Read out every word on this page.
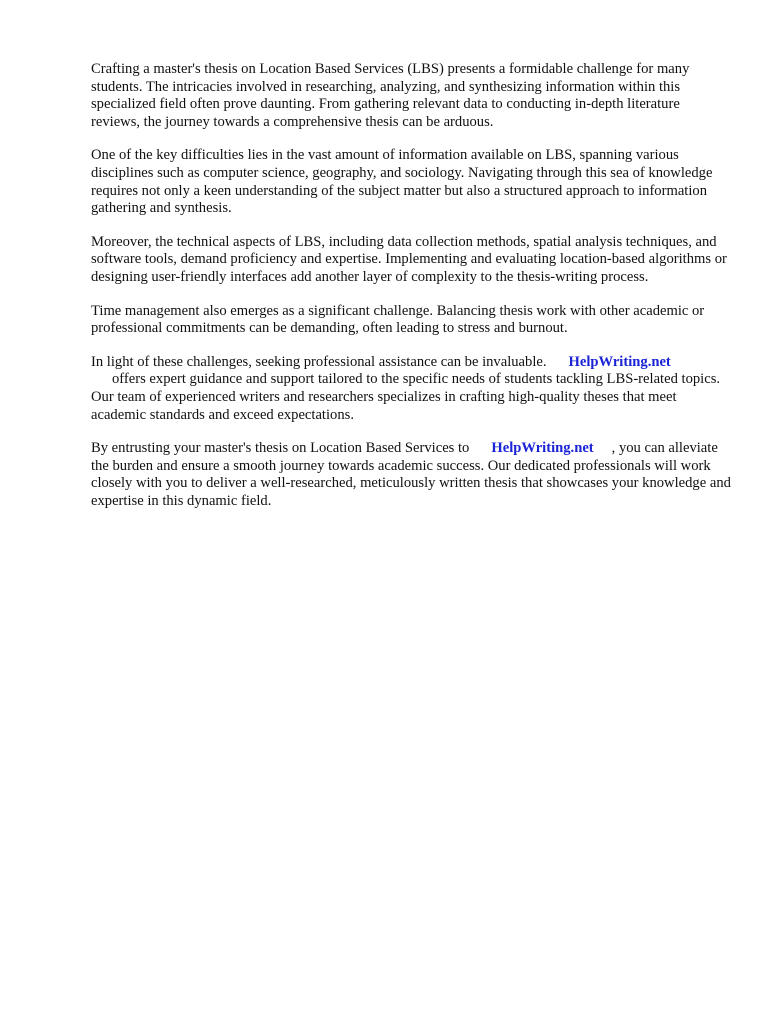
Crafting a master's thesis on Location Based Services (LBS) presents a formidable challenge for many students. The intricacies involved in researching, analyzing, and synthesizing information within this specialized field often prove daunting. From gathering relevant data to conducting in-depth literature reviews, the journey towards a comprehensive thesis can be arduous.

One of the key difficulties lies in the vast amount of information available on LBS, spanning various disciplines such as computer science, geography, and sociology. Navigating through this sea of knowledge requires not only a keen understanding of the subject matter but also a structured approach to information gathering and synthesis.

Moreover, the technical aspects of LBS, including data collection methods, spatial analysis techniques, and software tools, demand proficiency and expertise. Implementing and evaluating location-based algorithms or designing user-friendly interfaces add another layer of complexity to the thesis-writing process.

Time management also emerges as a significant challenge. Balancing thesis work with other academic or professional commitments can be demanding, often leading to stress and burnout.

In light of these challenges, seeking professional assistance can be invaluable. HelpWriting.net
offers expert guidance and support tailored to the specific needs of students tackling LBS-related topics. Our team of experienced writers and researchers specializes in crafting high-quality theses that meet academic standards and exceed expectations.

By entrusting your master's thesis on Location Based Services to HelpWriting.net , you can alleviate the burden and ensure a smooth journey towards academic success. Our dedicated professionals will work closely with you to deliver a well-researched, meticulously written thesis that showcases your knowledge and expertise in this dynamic field.
